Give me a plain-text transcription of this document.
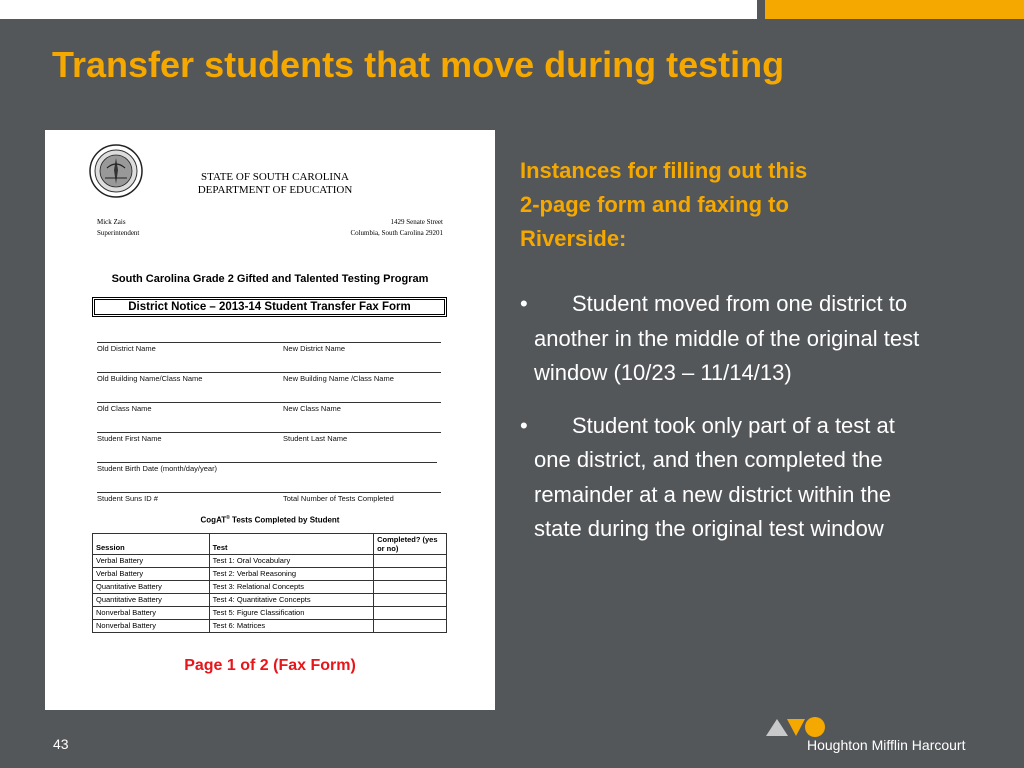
Transfer students that move during testing
STATE OF SOUTH CAROLINA
DEPARTMENT OF EDUCATION
Mick Zais
Superintendent
1429 Senate Street
Columbia, South Carolina 29201
South Carolina Grade 2 Gifted and Talented Testing Program
District Notice – 2013-14 Student Transfer Fax Form
Old District Name	New District Name
Old Building Name/Class Name	New Building Name /Class Name
Old Class Name	New Class Name
Student First Name	Student Last Name
Student Birth Date (month/day/year)
Student Suns ID #	Total Number of Tests Completed
CogAT® Tests Completed by Student
Session	Test	Completed? (yes or no)
Verbal Battery	Test 1: Oral Vocabulary	
Verbal Battery	Test 2: Verbal Reasoning	
Quantitative Battery	Test 3: Relational Concepts	
Quantitative Battery	Test 4: Quantitative Concepts	
Nonverbal Battery	Test 5: Figure Classification	
Nonverbal Battery	Test 6: Matrices	
Page 1 of 2 (Fax Form)
Instances for filling out this
2-page form and faxing to
Riverside:
• Student moved from one district to another in the middle of the original test window (10/23 – 11/14/13)
• Student took only part of a test at one district, and then completed the remainder at a new district within the state during the original test window
43	Houghton Mifflin Harcourt
